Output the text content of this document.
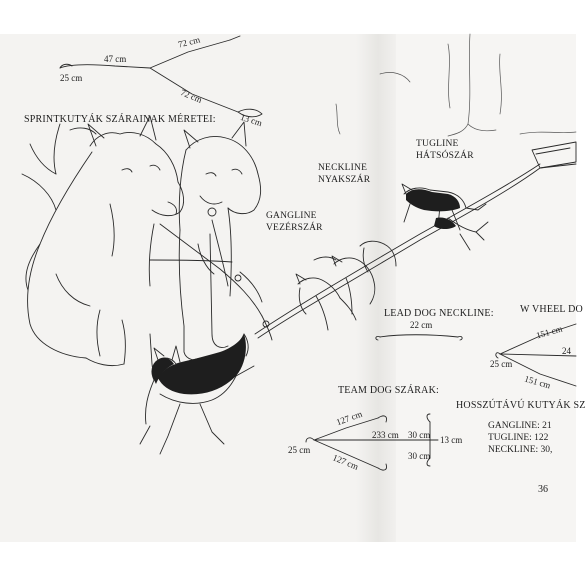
47 cm
25 cm
72 cm
72 cm
13 cm
SPRINTKUTYÁK SZÁRAINAK MÉRETEI:
NECKLINE
NYAKSZÁR
TUGLINE
HÁTSÓSZÁR
GANGLINE
VEZÉRSZÁR
LEAD DOG NECKLINE:
22 cm
TEAM DOG SZÁRAK:
127 cm
127 cm
25 cm
233 cm 30 cm
30 cm
13 cm
W VHEEL DO
151 cm
24
25 cm
151 cm
HOSSZÚTÁVÚ KUTYÁK SZ
GANGLINE: 21
TUGLINE: 122
NECKLINE: 30,
36
